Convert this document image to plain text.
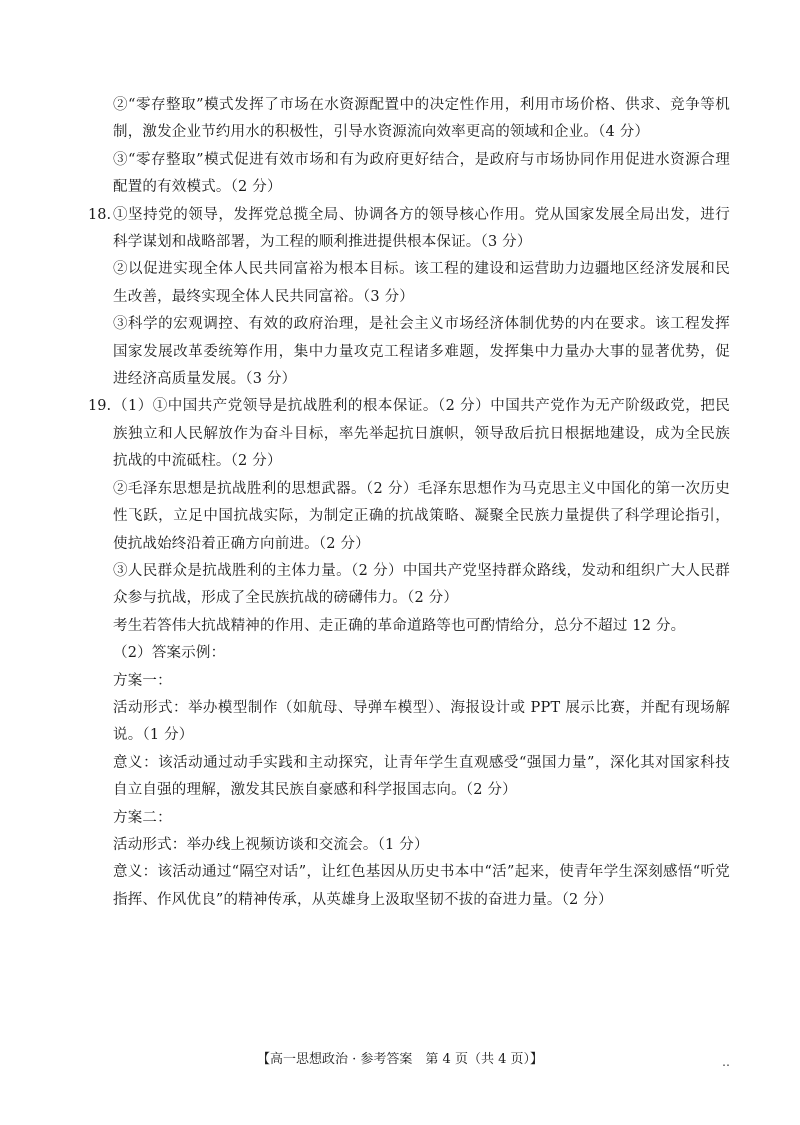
②“零存整取”模式发挥了市场在水资源配置中的决定性作用，利用市场价格、供求、竞争等机制，激发企业节约用水的积极性，引导水资源流向效率更高的领域和企业。（4 分）

③“零存整取”模式促进有效市场和有为政府更好结合，是政府与市场协同作用促进水资源合理配置的有效模式。（2 分）

18. ①坚持党的领导，发挥党总揽全局、协调各方的领导核心作用。党从国家发展全局出发，进行科学谋划和战略部署，为工程的顺利推进提供根本保证。（3 分）

②以促进实现全体人民共同富裕为根本目标。该工程的建设和运营助力边疆地区经济发展和民生改善，最终实现全体人民共同富裕。（3 分）

③科学的宏观调控、有效的政府治理，是社会主义市场经济体制优势的内在要求。该工程发挥国家发展改革委统筹作用，集中力量攻克工程诸多难题，发挥集中力量办大事的显著优势，促进经济高质量发展。（3 分）

19. （1）①中国共产党领导是抗战胜利的根本保证。（2 分）中国共产党作为无产阶级政党，把民族独立和人民解放作为奋斗目标，率先举起抗日旗帜，领导敌后抗日根据地建设，成为全民族抗战的中流砥柱。（2 分）

②毛泽东思想是抗战胜利的思想武器。（2 分）毛泽东思想作为马克思主义中国化的第一次历史性飞跃，立足中国抗战实际，为制定正确的抗战策略、凝聚全民族力量提供了科学理论指引，使抗战始终沿着正确方向前进。（2 分）

③人民群众是抗战胜利的主体力量。（2 分）中国共产党坚持群众路线，发动和组织广大人民群众参与抗战，形成了全民族抗战的磅礴伟力。（2 分）

考生若答伟大抗战精神的作用、走正确的革命道路等也可酌情给分，总分不超过 12 分。

（2）答案示例：

方案一：

活动形式：举办模型制作（如航母、导弹车模型）、海报设计或 PPT 展示比赛，并配有现场解说。（1 分）

意义：该活动通过动手实践和主动探究，让青年学生直观感受“强国力量”，深化其对国家科技自立自强的理解，激发其民族自豪感和科学报国志向。（2 分）

方案二：

活动形式：举办线上视频访谈和交流会。（1 分）

意义：该活动通过“隔空对话”，让红色基因从历史书本中“活”起来，使青年学生深刻感悟“听党指挥、作风优良”的精神传承，从英雄身上汲取坚韧不拔的奋进力量。（2 分）

【高一思想政治 · 参考答案　第 4 页（共 4 页）】	‥
